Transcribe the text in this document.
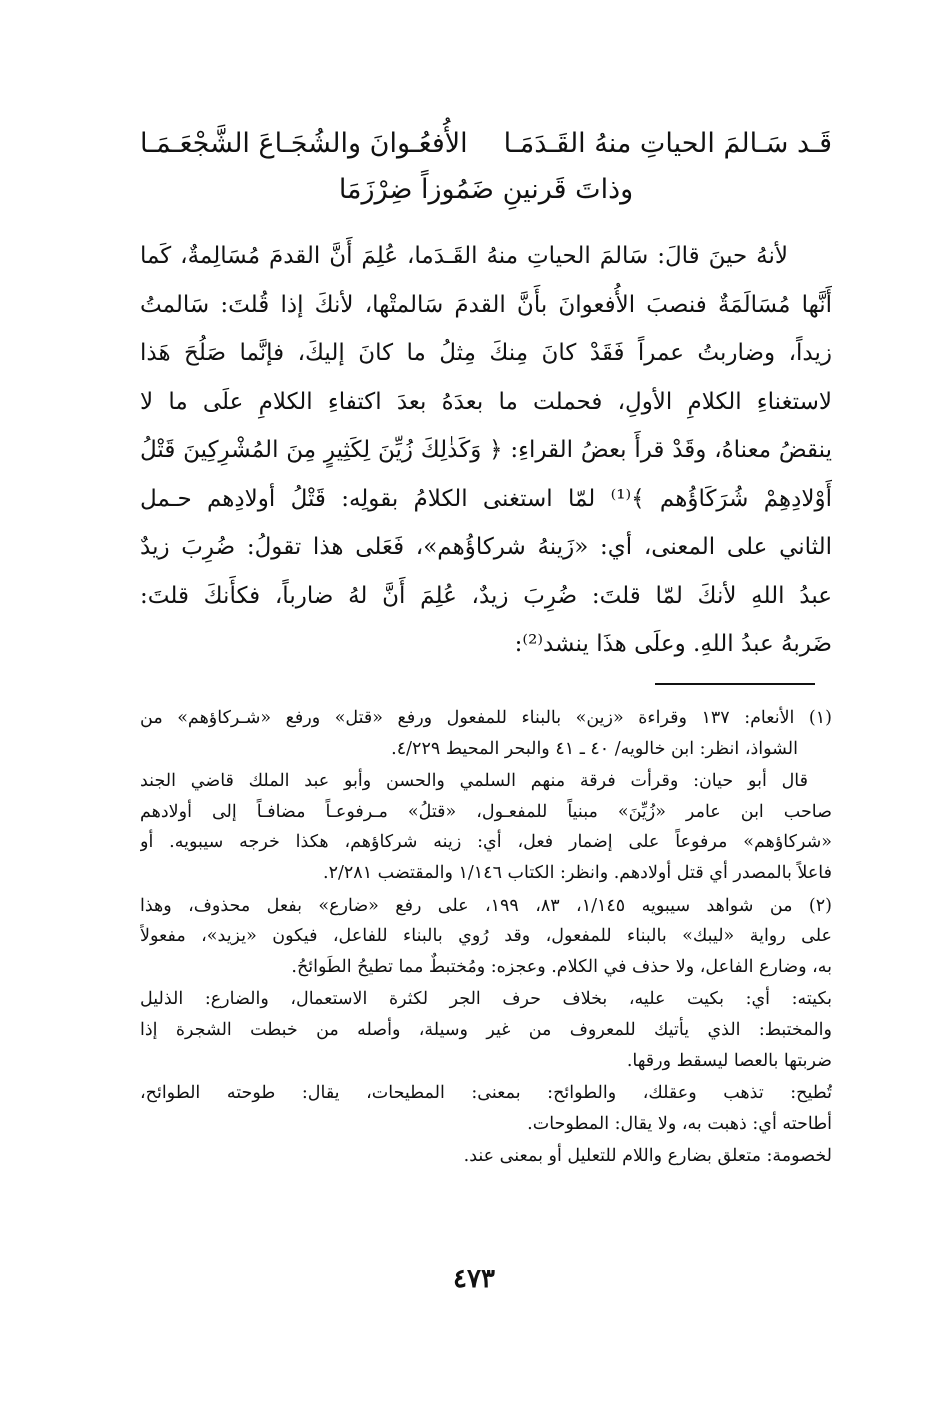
قَـد سَـالمَ الحياتِ منهُ القَـدَمَـا
الأُفعُـوانَ والشُجَـاعَ الشَّجْعَـمَـا
وذاتَ قَرنينِ ضَمُوزاً ضِرْزَمَا
لأنهُ حينَ قالَ: سَالمَ الحياتِ منهُ القَـدَما، عُلِمَ أَنَّ القدمَ مُسَالِمةٌ، كَما
أَنَّها مُسَالَمَةٌ فنصبَ الأُفعوانَ بأَنَّ القدمَ سَالمتْها، لأنكَ إذا قُلتَ: سَالمتُ
زيداً، وضاربتُ عمراً فَقَدْ كانَ مِنكَ مِثلُ ما كانَ إليكَ، فإنَّما صَلُحَ هَذا
لاستغناءِ الكلامِ الأولِ، فحملت ما بعدَهُ بعدَ اكتفاءِ الكلامِ علَى ما لا
ينقضُ معناهُ، وقَدْ قرأَ بعضُ القراءِ: ﴿ وَكَذٰلِكَ زُيِّنَ لِكَثِيرٍ مِنَ المُشْرِكِينَ قَتْلُ
أَوْلادِهِمْ شُرَكَاؤُهم ﴾⁽¹⁾ لمّا استغنى الكلامُ بقولِه: قَتْلُ أولادِهم حـمل
الثاني على المعنى، أي: «زَينهُ شركاؤُهم»، فَعَلى هذا تقولُ: ضُرِبَ زيدٌ
عبدُ اللهِ لأنكَ لمّا قلتَ: ضُرِبَ زيدٌ، عُلِمَ أَنَّ لهُ ضارباً، فكأَنكَ قلتَ:
ضَربهُ عبدُ اللهِ. وعلَى هذَا ينشد⁽²⁾:
(١) الأنعام: ١٣٧ وقراءة «زين» بالبناء للمفعول ورفع «قتل» ورفع «شـركاؤهم» من
الشواذ، انظر: ابن خالويه/ ٤٠ ـ ٤١ والبحر المحيط ٤/٢٢٩.
قال أبو حيان: وقرأت فرقة منهم السلمي والحسن وأبو عبد الملك قاضي الجند
صاحب ابن عامر «زُيِّنَ» مبنياً للمفعـول، «قتلُ» مـرفوعـاً مضافـاً إلى أولادهم
«شركاؤهم» مرفوعاً على إضمار فعل، أي: زينه شركاؤهم، هكذا خرجه سيبويه. أو
فاعلاً بالمصدر أي قتل أولادهم. وانظر: الكتاب ١/١٤٦ والمقتضب ٢/٢٨١.
(٢) من شواهد سيبويه ١/١٤٥، ٨٣، ١٩٩، على رفع «ضارع» بفعل محذوف، وهذا
على رواية «ليبك» بالبناء للمفعول، وقد رُوي بالبناء للفاعل، فيكون «يزيد»، مفعولاً
به، وضارع الفاعل، ولا حذف في الكلام. وعجزه: ومُختبطٌ مما تطيحُ الطَوائحُ.
بكيته: أي: بكيت عليه، بخلاف حرف الجر لكثرة الاستعمال، والضارع: الذليل
والمختبط: الذي يأتيك للمعروف من غير وسيلة، وأصله من خبطت الشجرة إذا
ضربتها بالعصا ليسقط ورقها.
تُطيح: تذهب وعقلك، والطوائح: بمعنى: المطيحات، يقال: طوحته الطوائح،
أطاحته أي: ذهبت به، ولا يقال: المطوحات.
لخصومة: متعلق بضارع واللام للتعليل أو بمعنى عند.
٤٧٣
